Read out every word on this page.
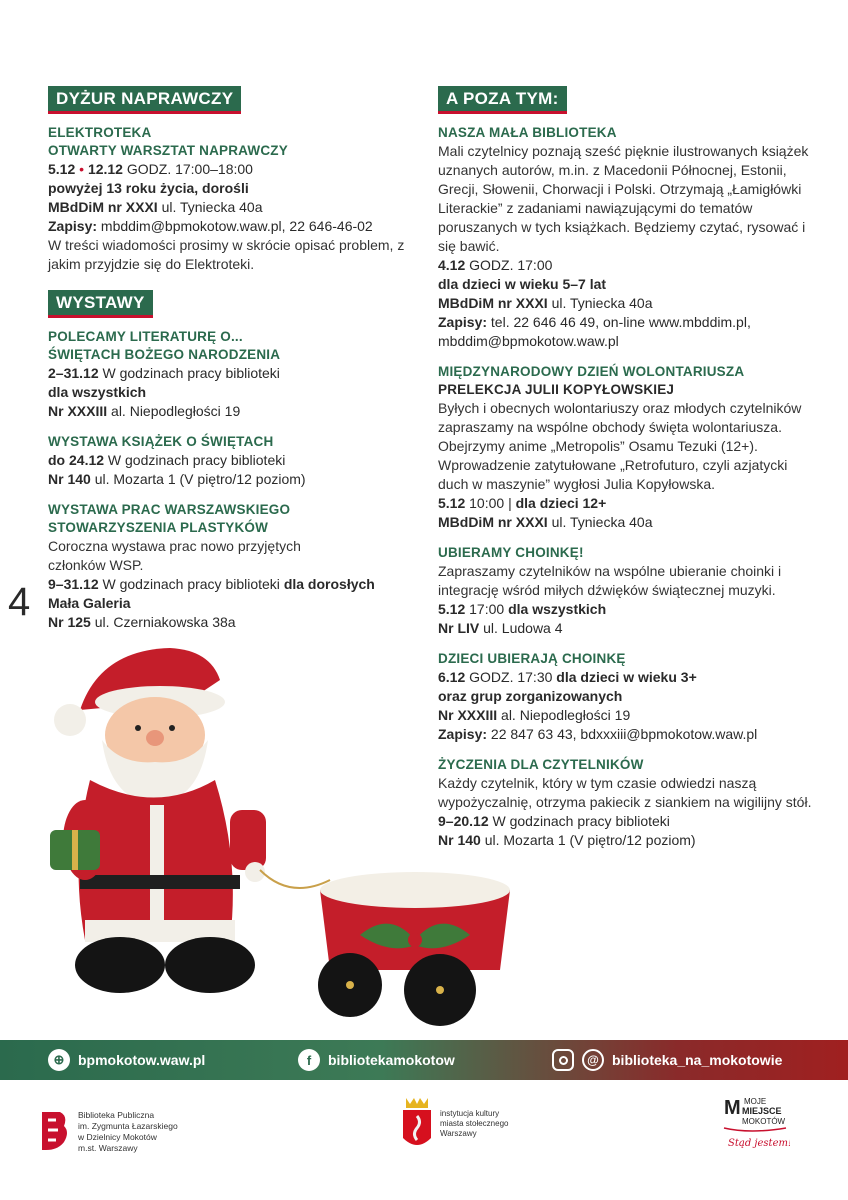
DYŻUR NAPRAWCZY
ELEKTROTEKA
OTWARTY WARSZTAT NAPRAWCZY
5.12 • 12.12 GODZ. 17:00–18:00
powyżej 13 roku życia, dorośli
MBdDiM nr XXXI ul. Tyniecka 40a
Zapisy: mbddim@bpmokotow.waw.pl, 22 646-46-02
W treści wiadomości prosimy w skrócie opisać problem, z jakim przyjdzie się do Elektroteki.
WYSTAWY
POLECAMY LITERATURĘ O... ŚWIĘTACH BOŻEGO NARODZENIA
2–31.12 W godzinach pracy biblioteki
dla wszystkich
Nr XXXIII al. Niepodległości 19
WYSTAWA KSIĄŻEK O ŚWIĘTACH
do 24.12 W godzinach pracy biblioteki
Nr 140 ul. Mozarta 1 (V piętro/12 poziom)
WYSTAWA PRAC WARSZAWSKIEGO STOWARZYSZENIA PLASTYKÓW
Coroczna wystawa prac nowo przyjętych członków WSP.
9–31.12 W godzinach pracy biblioteki dla dorosłych
Mała Galeria
Nr 125 ul. Czerniakowska 38a
4
A POZA TYM:
NASZA MAŁA BIBLIOTEKA
Mali czytelnicy poznają sześć pięknie ilustrowanych książek uznanych autorów, m.in. z Macedonii Północnej, Estonii, Grecji, Słowenii, Chorwacji i Polski. Otrzymają „Łamigłówki Literackie” z zadaniami nawiązującymi do tematów poruszanych w tych książkach. Będziemy czytać, rysować i się bawić.
4.12 GODZ. 17:00
dla dzieci w wieku 5–7 lat
MBdDiM nr XXXI ul. Tyniecka 40a
Zapisy: tel. 22 646 46 49, on-line www.mbddim.pl, mbddim@bpmokotow.waw.pl
MIĘDZYNARODOWY DZIEŃ WOLONTARIUSZA
PRELEKCJA JULII KOPYŁOWSKIEJ
Byłych i obecnych wolontariuszy oraz młodych czytelników zapraszamy na wspólne obchody święta wolontariusza. Obejrzymy anime „Metropolis” Osamu Tezuki (12+). Wprowadzenie zatytułowane „Retrofuturo, czyli azjatycki duch w maszynie” wygłosi Julia Kopyłowska.
5.12 10:00 | dla dzieci 12+
MBdDiM nr XXXI ul. Tyniecka 40a
UBIERAMY CHOINKĘ!
Zapraszamy czytelników na wspólne ubieranie choinki i integrację wśród miłych dźwięków świątecznej muzyki.
5.12 17:00 dla wszystkich
Nr LIV ul. Ludowa 4
DZIECI UBIERAJĄ CHOINKĘ
6.12 GODZ. 17:30 dla dzieci w wieku 3+
oraz grup zorganizowanych
Nr XXXIII al. Niepodległości 19
Zapisy: 22 847 63 43, bdxxxiii@bpmokotow.waw.pl
ŻYCZENIA DLA CZYTELNIKÓW
Każdy czytelnik, który w tym czasie odwiedzi naszą wypożyczalnię, otrzyma pakiecik z siankiem na wigilijny stół.
9–20.12 W godzinach pracy biblioteki
Nr 140 ul. Mozarta 1 (V piętro/12 poziom)
⊕ bpmokotow.waw.pl	f	bibliotekamokotow	@ biblioteka_na_mokotowie
Biblioteka Publiczna
im. Zygmunta Łazarskiego
w Dzielnicy Mokotów
m.st. Warszawy
instytucja kultury
miasta stołecznego
Warszawy
M MOJE
MIEJSCE
MOKOTÓW
Stąd jestem!
